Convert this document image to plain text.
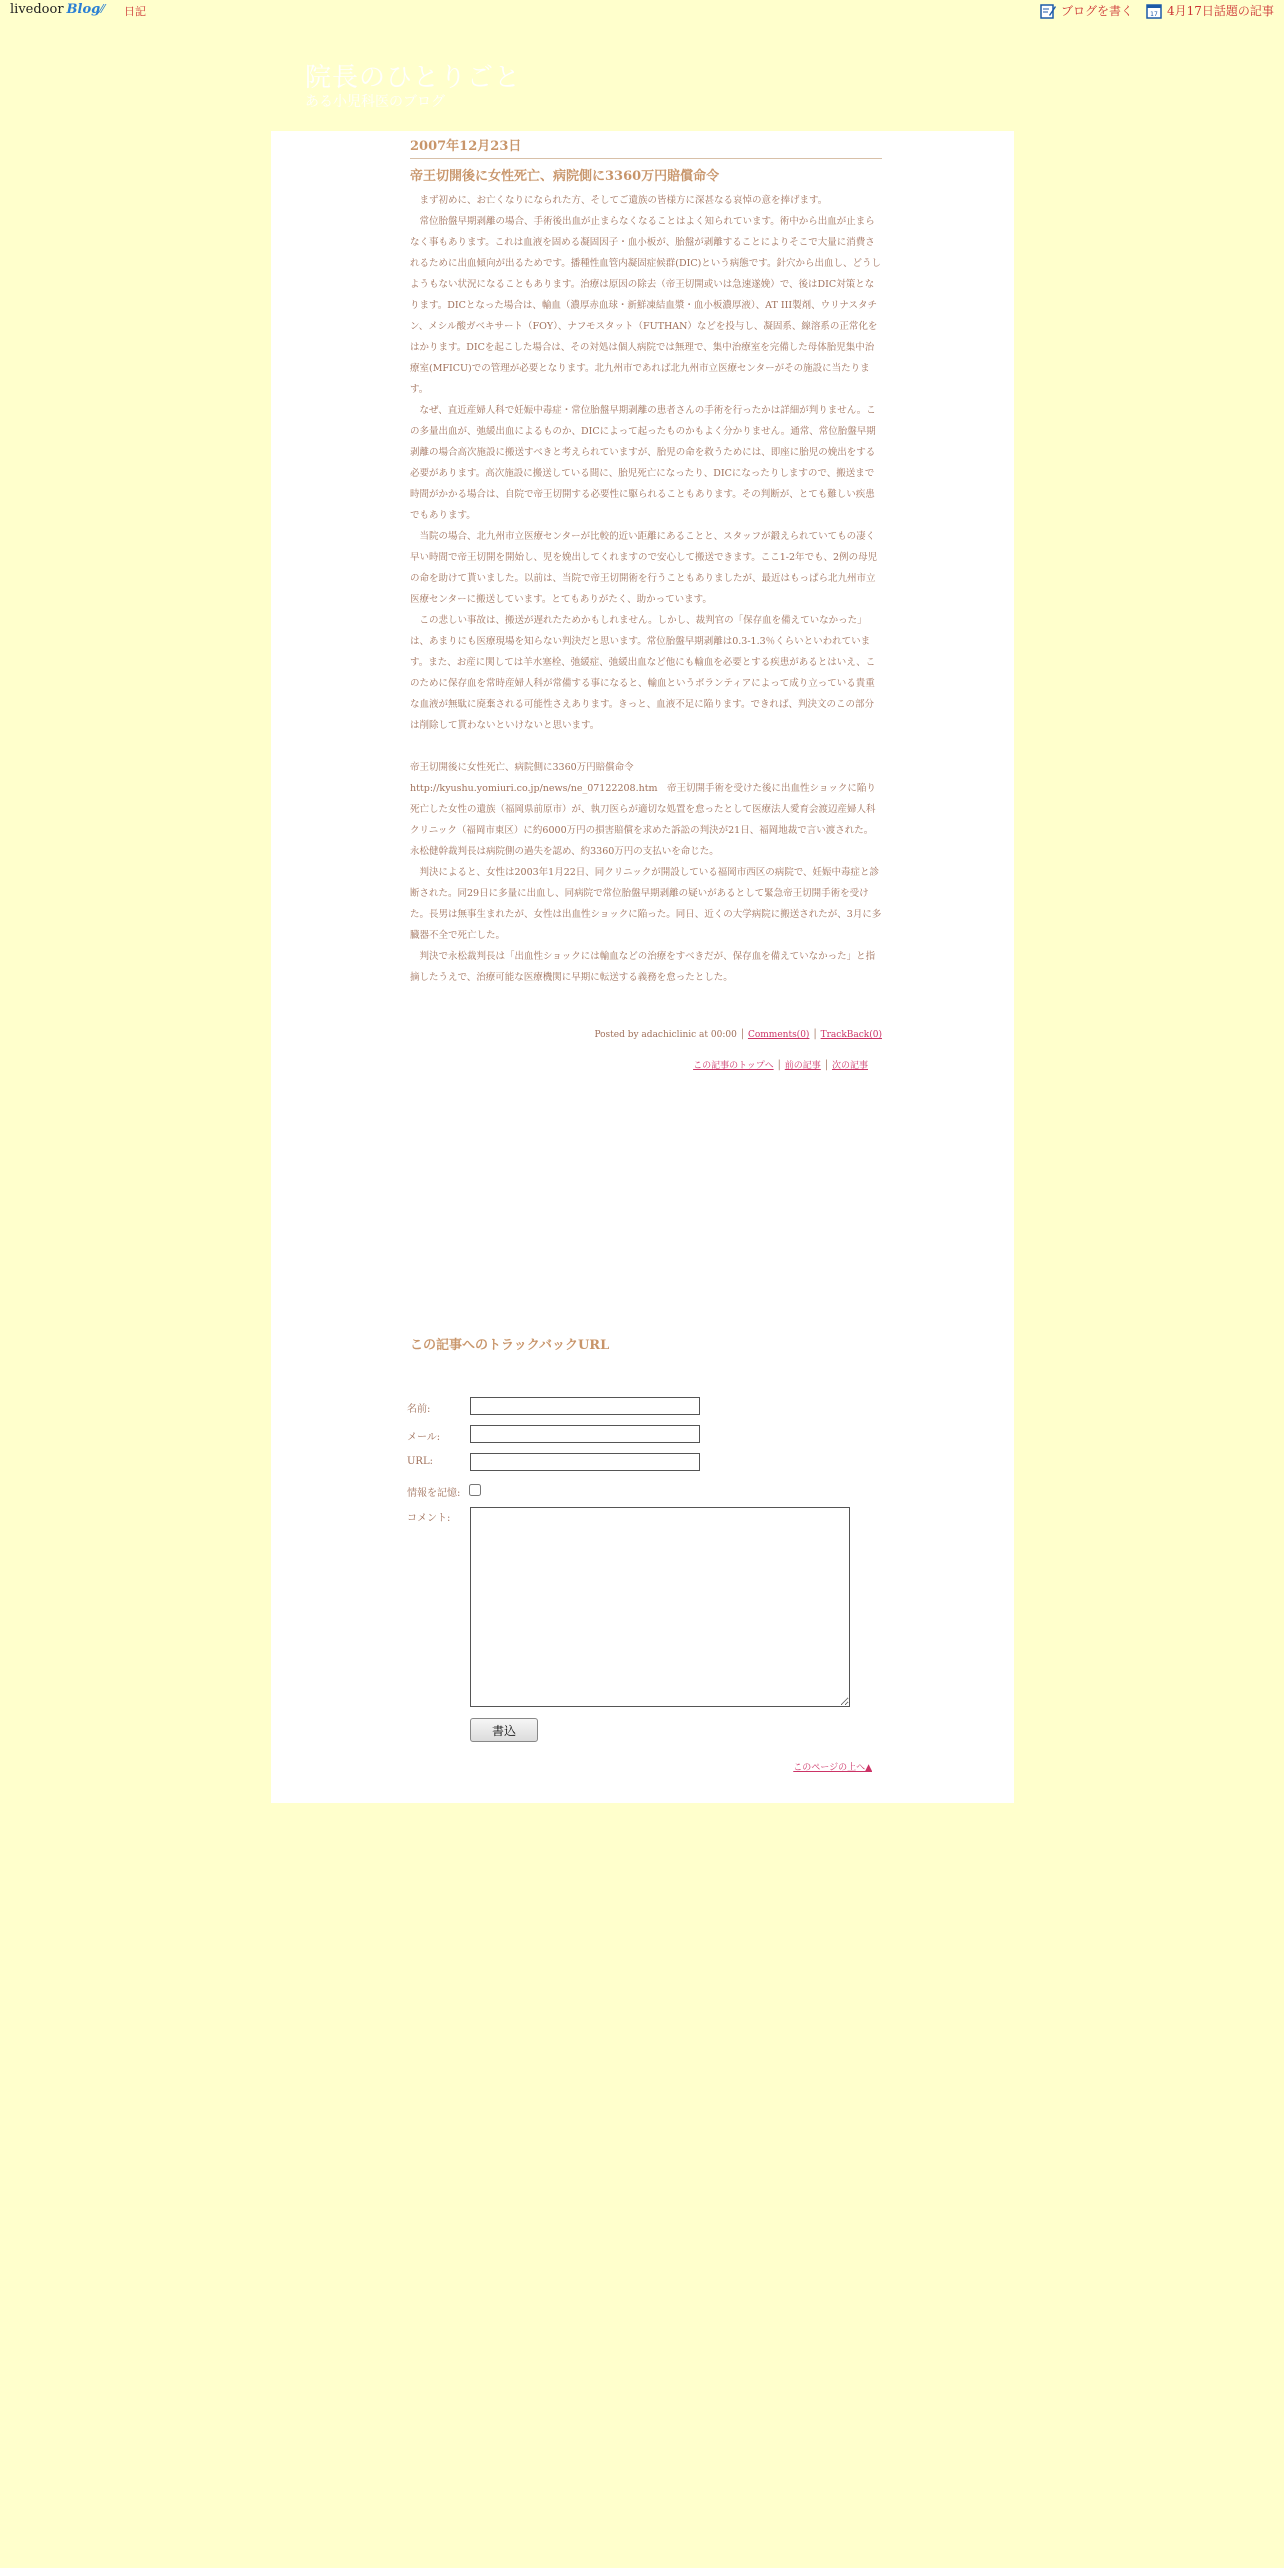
livedoor Blog⁄⁄ 日記	ブログを書く	17 4月17日話題の記事
院長のひとりごと
ある小児科医のブログ
2007年12月23日
帝王切開後に女性死亡、病院側に3360万円賠償命令

まず初めに、お亡くなりになられた方、そしてご遺族の皆様方に深甚なる哀悼の意を捧げます。

常位胎盤早期剥離の場合、手術後出血が止まらなくなることはよく知られています。術中から出血が止まらなく事もあります。これは血液を固める凝固因子・血小板が、胎盤が剥離することによりそこで大量に消費されるために出血傾向が出るためです。播種性血管内凝固症候群(DIC)という病態です。針穴から出血し、どうしようもない状況になることもあります。治療は原因の除去（帝王切開或いは急速遂娩）で、後はDIC対策となります。DICとなった場合は、輸血（濃厚赤血球・新鮮凍結血漿・血小板濃厚液）、AT III製剤、ウリナスタチン、メシル酸ガベキサート（FOY）、ナフモスタット（FUTHAN）などを投与し、凝固系、線溶系の正常化をはかります。DICを起こした場合は、その対処は個人病院では無理で、集中治療室を完備した母体胎児集中治療室(MFICU)での管理が必要となります。北九州市であれば北九州市立医療センターがその施設に当たります。

なぜ、直近産婦人科で妊娠中毒症・常位胎盤早期剥離の患者さんの手術を行ったかは詳細が判りません。この多量出血が、弛緩出血によるものか、DICによって起ったものかもよく分かりません。通常、常位胎盤早期剥離の場合高次施設に搬送すべきと考えられていますが、胎児の命を救うためには、即座に胎児の娩出をする必要があります。高次施設に搬送している間に、胎児死亡になったり、DICになったりしますので、搬送まで時間がかかる場合は、自院で帝王切開する必要性に駆られることもあります。その判断が、とても難しい疾患でもあります。

当院の場合、北九州市立医療センターが比較的近い距離にあることと、スタッフが鍛えられていてもの凄く早い時間で帝王切開を開始し、児を娩出してくれますので安心して搬送できます。ここ1-2年でも、2例の母児の命を助けて貰いました。以前は、当院で帝王切開術を行うこともありましたが、最近はもっぱら北九州市立医療センターに搬送しています。とてもありがたく、助かっています。

この悲しい事故は、搬送が遅れたためかもしれません。しかし、裁判官の「保存血を備えていなかった」は、あまりにも医療現場を知らない判決だと思います。常位胎盤早期剥離は0.3-1.3％くらいといわれています。また、お産に関しては羊水塞栓、弛緩症、弛緩出血など他にも輸血を必要とする疾患があるとはいえ、このために保存血を常時産婦人科が常備する事になると、輸血というボランティアによって成り立っている貴重な血液が無駄に廃棄される可能性さえあります。きっと、血液不足に陥ります。できれば、判決文のこの部分は削除して貰わないといけないと思います。

帝王切開後に女性死亡、病院側に3360万円賠償命令

http://kyushu.yomiuri.co.jp/news/ne_07122208.htm　帝王切開手術を受けた後に出血性ショックに陥り死亡した女性の遺族（福岡県前原市）が、執刀医らが適切な処置を怠ったとして医療法人愛育会渡辺産婦人科クリニック（福岡市東区）に約6000万円の損害賠償を求めた訴訟の判決が21日、福岡地裁で言い渡された。永松健幹裁判長は病院側の過失を認め、約3360万円の支払いを命じた。

判決によると、女性は2003年1月22日、同クリニックが開設している福岡市西区の病院で、妊娠中毒症と診断された。同29日に多量に出血し、同病院で常位胎盤早期剥離の疑いがあるとして緊急帝王切開手術を受けた。長男は無事生まれたが、女性は出血性ショックに陥った。同日、近くの大学病院に搬送されたが、3月に多臓器不全で死亡した。

判決で永松裁判長は「出血性ショックには輸血などの治療をすべきだが、保存血を備えていなかった」と指摘したうえで、治療可能な医療機関に早期に転送する義務を怠ったとした。

Posted by adachiclinic at 00:00 │ Comments(0) │ TrackBack(0)
この記事のトップへ │ 前の記事 │ 次の記事
この記事へのトラックバックURL
名前:
メール:
URL:
情報を記憶:
コメント:
書込
このページの上へ▲
